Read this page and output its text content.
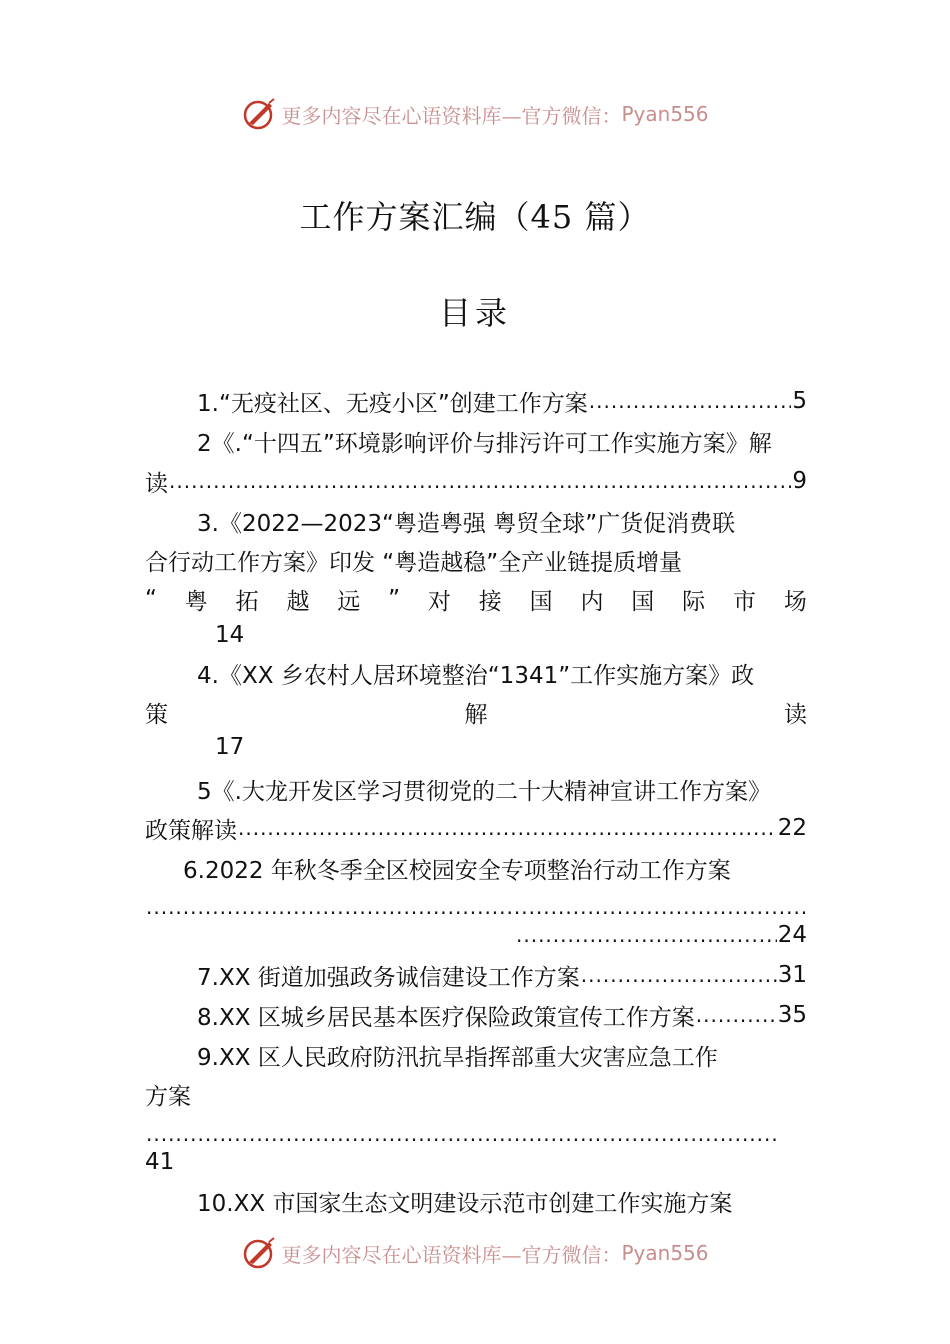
更多内容尽在心语资料库—官方微信： Pyan556
工作方案汇编（45 篇）
目录
1.“无疫社区、无疫小区”创建工作方案 .....	5
2《.“十四五”环境影响评价与排污许可工作实施方案》解
读 .....	9
3.《2022—2023“粤造粤强 粤贸全球”广货促消费联
合行动工作方案》印发 “粤造越稳”全产业链提质增量
“ 粤 拓 越 远 ” 对 接 国 内 国 际 市 场
14
4.《XX 乡农村人居环境整治“1341”工作实施方案》政
策	解	读
17
5《.大龙开发区学习贯彻党的二十大精神宣讲工作方案》
政策解读 .....	22
6.2022 年秋冬季全区校园安全专项整治行动工作方案
.....
.....
24
7.XX 街道加强政务诚信建设工作方案 .....	31
8.XX 区城乡居民基本医疗保险政策宣传工作方案 .....	35
9.XX 区人民政府防汛抗旱指挥部重大灾害应急工作
方案
.....
41
10.XX 市国家生态文明建设示范市创建工作实施方案
更多内容尽在心语资料库—官方微信： Pyan556
